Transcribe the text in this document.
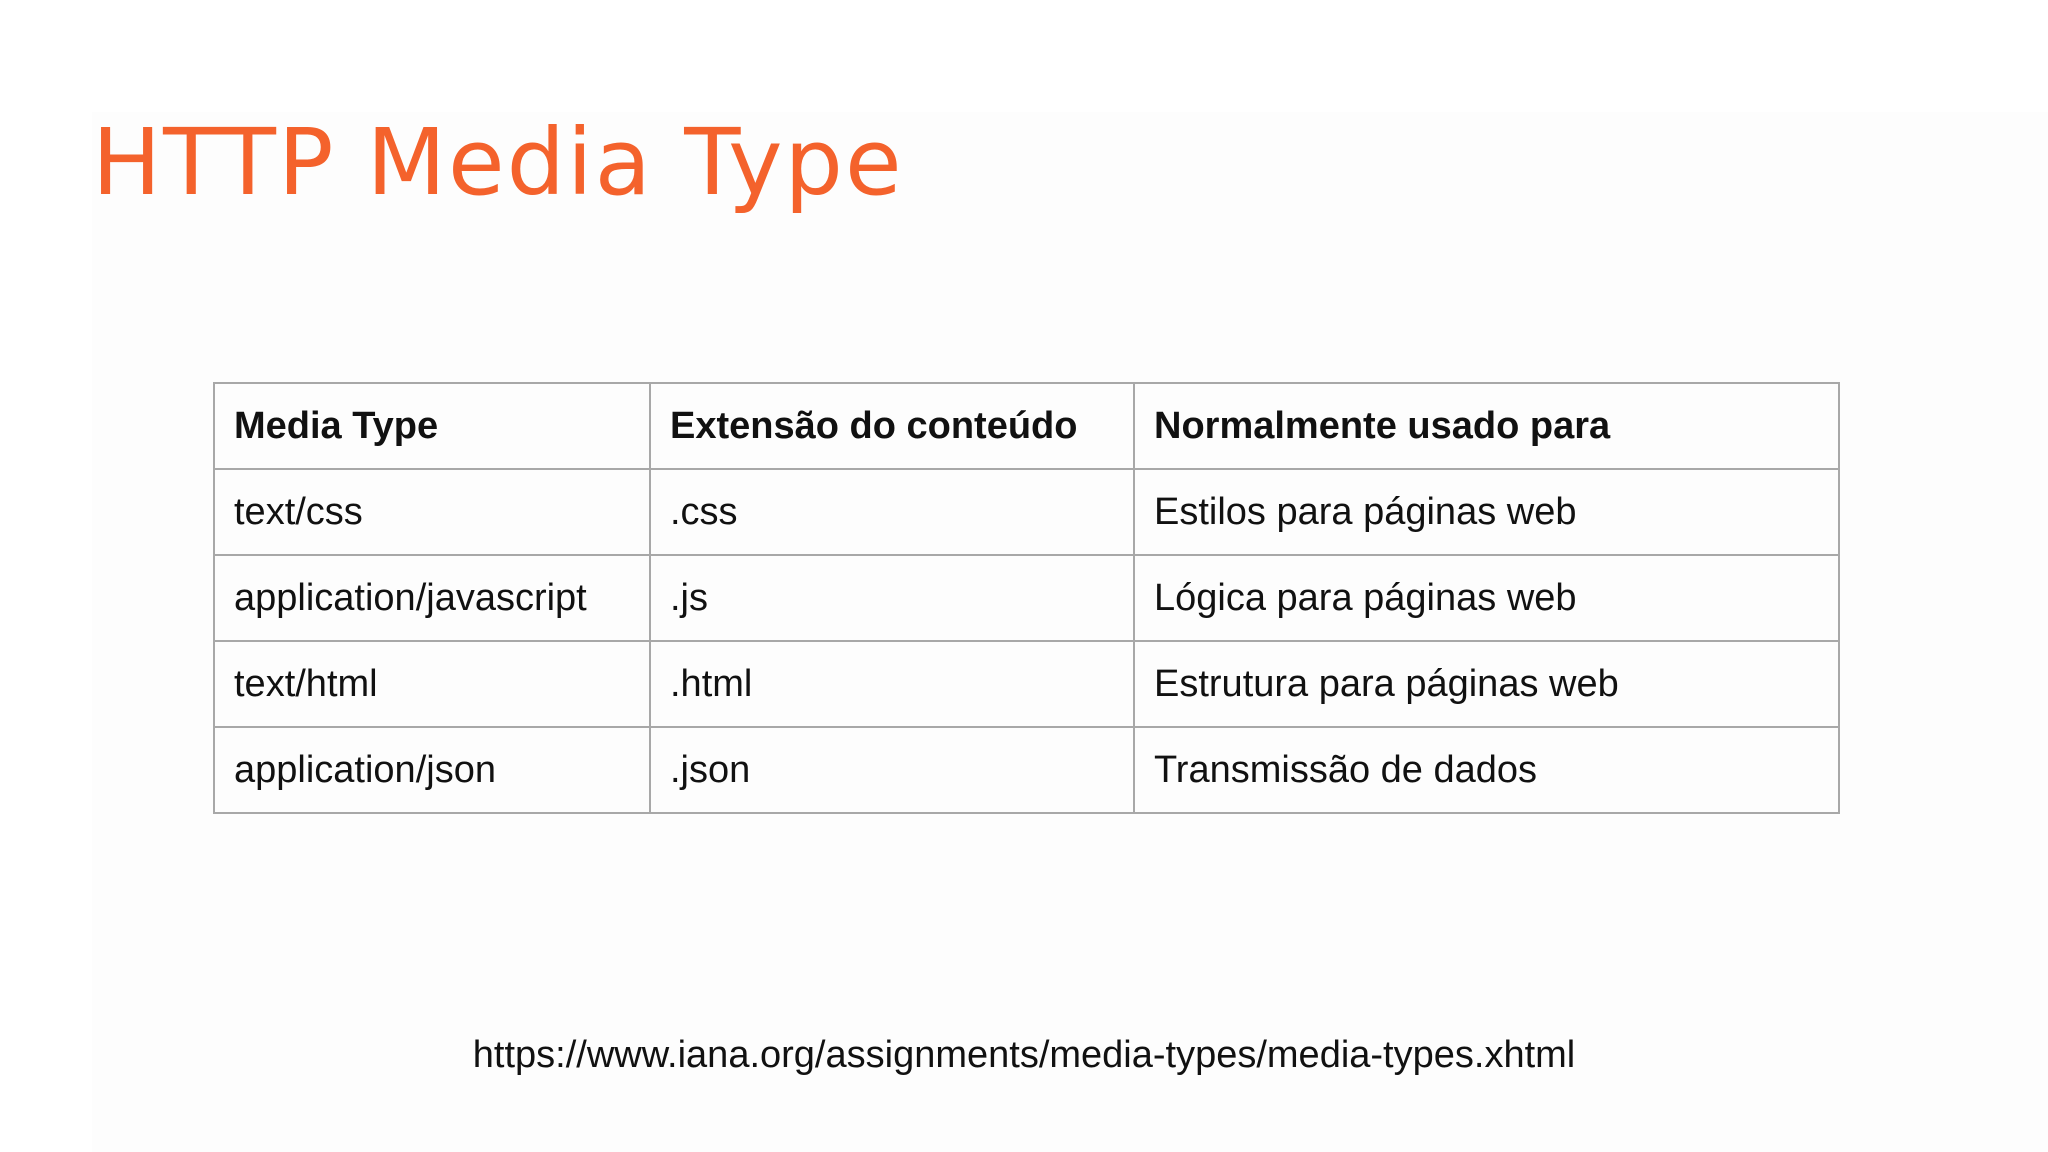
HTTP Media Type
Media Type	Extensão do conteúdo	Normalmente usado para
text/css	.css	Estilos para páginas web
application/javascript	.js	Lógica para páginas web
text/html	.html	Estrutura para páginas web
application/json	.json	Transmissão de dados
https://www.iana.org/assignments/media-types/media-types.xhtml
